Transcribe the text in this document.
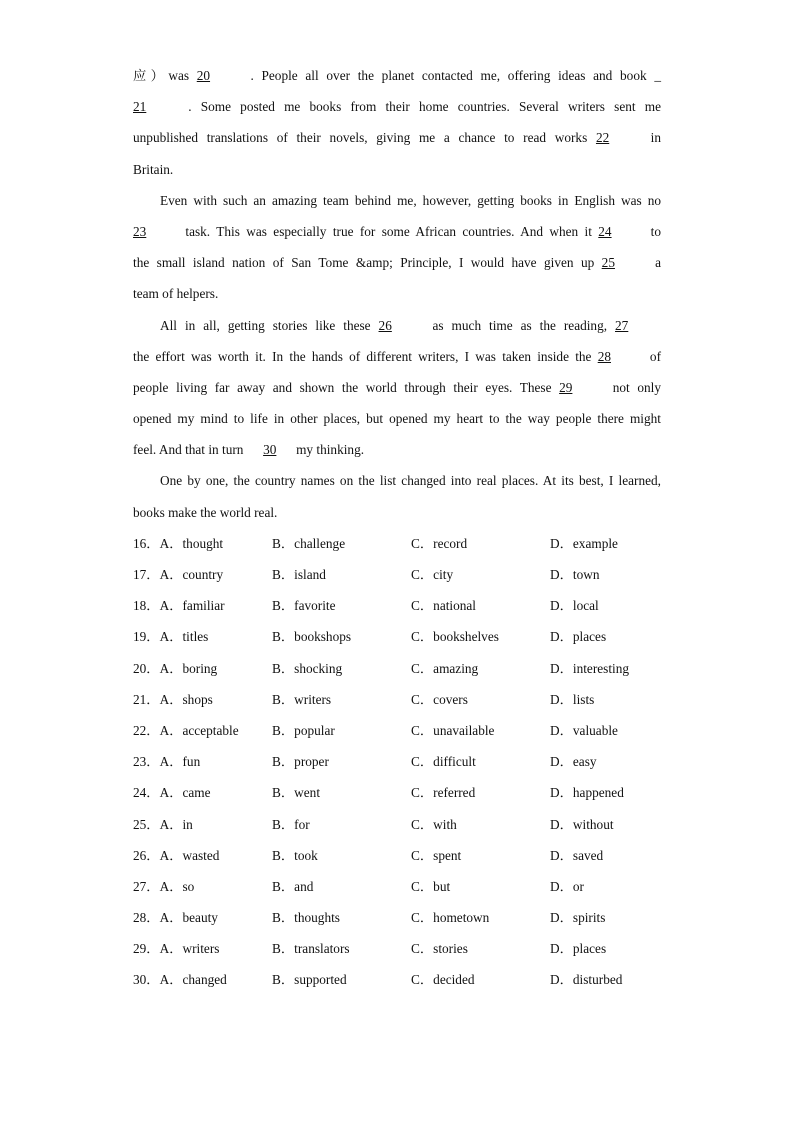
应）was 20	. People all over the planet contacted me, offering ideas and book _
21	. Some posted me books from their home countries. Several writers sent me
unpublished translations of their novels, giving me a chance to read works 22	in
Britain.
Even with such an amazing team behind me, however, getting books in English was no
23	task. This was especially true for some African countries. And when it 24	to
the small island nation of San Tome &amp; Principle, I would have given up 25	a
team of helpers.
All in all, getting stories like these 26	as much time as the reading, 27
the effort was worth it. In the hands of different writers, I was taken inside the 28	of
people living far away and shown the world through their eyes. These 29	not only
opened my mind to life in other places, but opened my heart to the way people there might
feel. And that in turn 30 my thinking.
One by one, the country names on the list changed into real places. At its best, I learned,
books make the world real.
16．A．thought	B．challenge	C．record	D．example
17．A．country	B．island	C．city	D．town
18．A．familiar	B．favorite	C．national	D．local
19．A．titles	B．bookshops	C．bookshelves	D．places
20．A．boring	B．shocking	C．amazing	D．interesting
21．A．shops	B．writers	C．covers	D．lists
22．A．acceptable	B．popular	C．unavailable	D．valuable
23．A．fun	B．proper	C．difficult	D．easy
24．A．came	B．went	C．referred	D．happened
25．A．in	B．for	C．with	D．without
26．A．wasted	B．took	C．spent	D．saved
27．A．so	B．and	C．but	D．or
28．A．beauty	B．thoughts	C．hometown	D．spirits
29．A．writers	B．translators	C．stories	D．places
30．A．changed	B．supported	C．decided	D．disturbed
